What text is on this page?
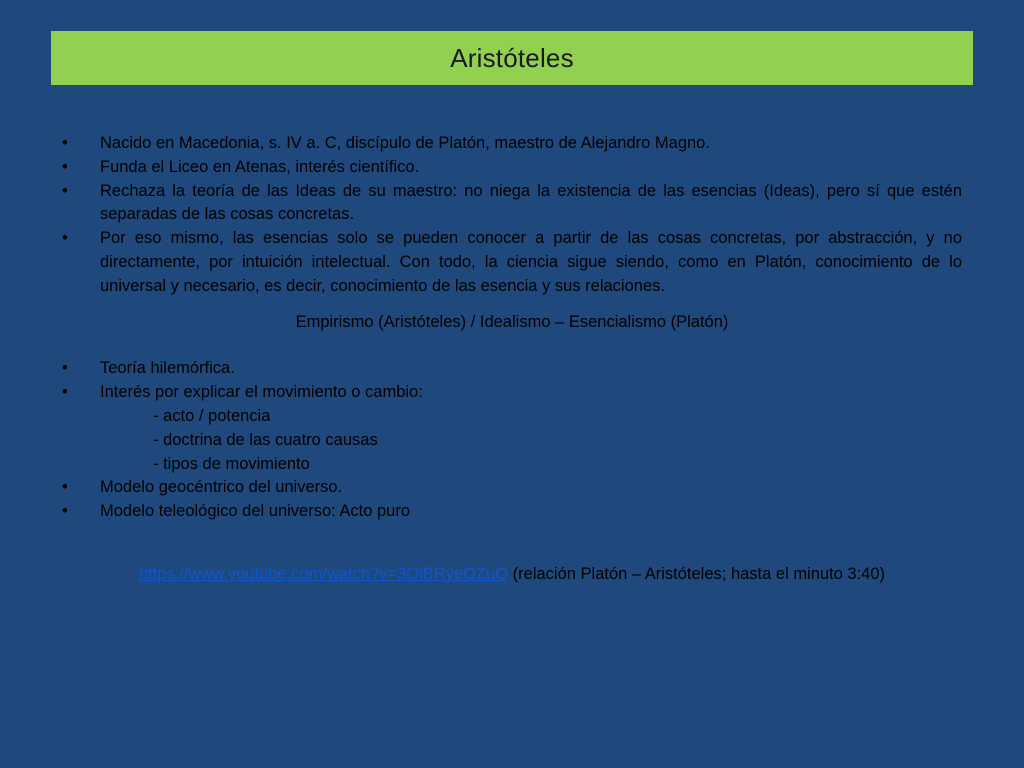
Aristóteles
•	Nacido en Macedonia, s. IV a. C, discípulo de Platón, maestro de Alejandro Magno.
•	Funda el Liceo en Atenas, interés científico.
•	Rechaza la teoría de las Ideas de su maestro: no niega la existencia de las esencias (Ideas), pero sí que estén separadas de las cosas concretas.
•	Por eso mismo, las esencias solo se pueden conocer a partir de las cosas concretas, por abstracción, y no directamente, por intuición intelectual. Con todo, la ciencia sigue siendo, como en Platón, conocimiento de lo universal y necesario, es decir, conocimiento de las esencia y sus relaciones.
Empirismo (Aristóteles) / Idealismo – Esencialismo (Platón)
•	Teoría hilemórfica.
•	Interés por explicar el movimiento o cambio:
- acto / potencia
- doctrina de las cuatro causas
- tipos de movimiento
•	Modelo geocéntrico del universo.
•	Modelo teleológico del universo: Acto puro
https://www.youtube.com/watch?v=3OlBRyeOZuQ (relación Platón – Aristóteles; hasta el minuto 3:40)
